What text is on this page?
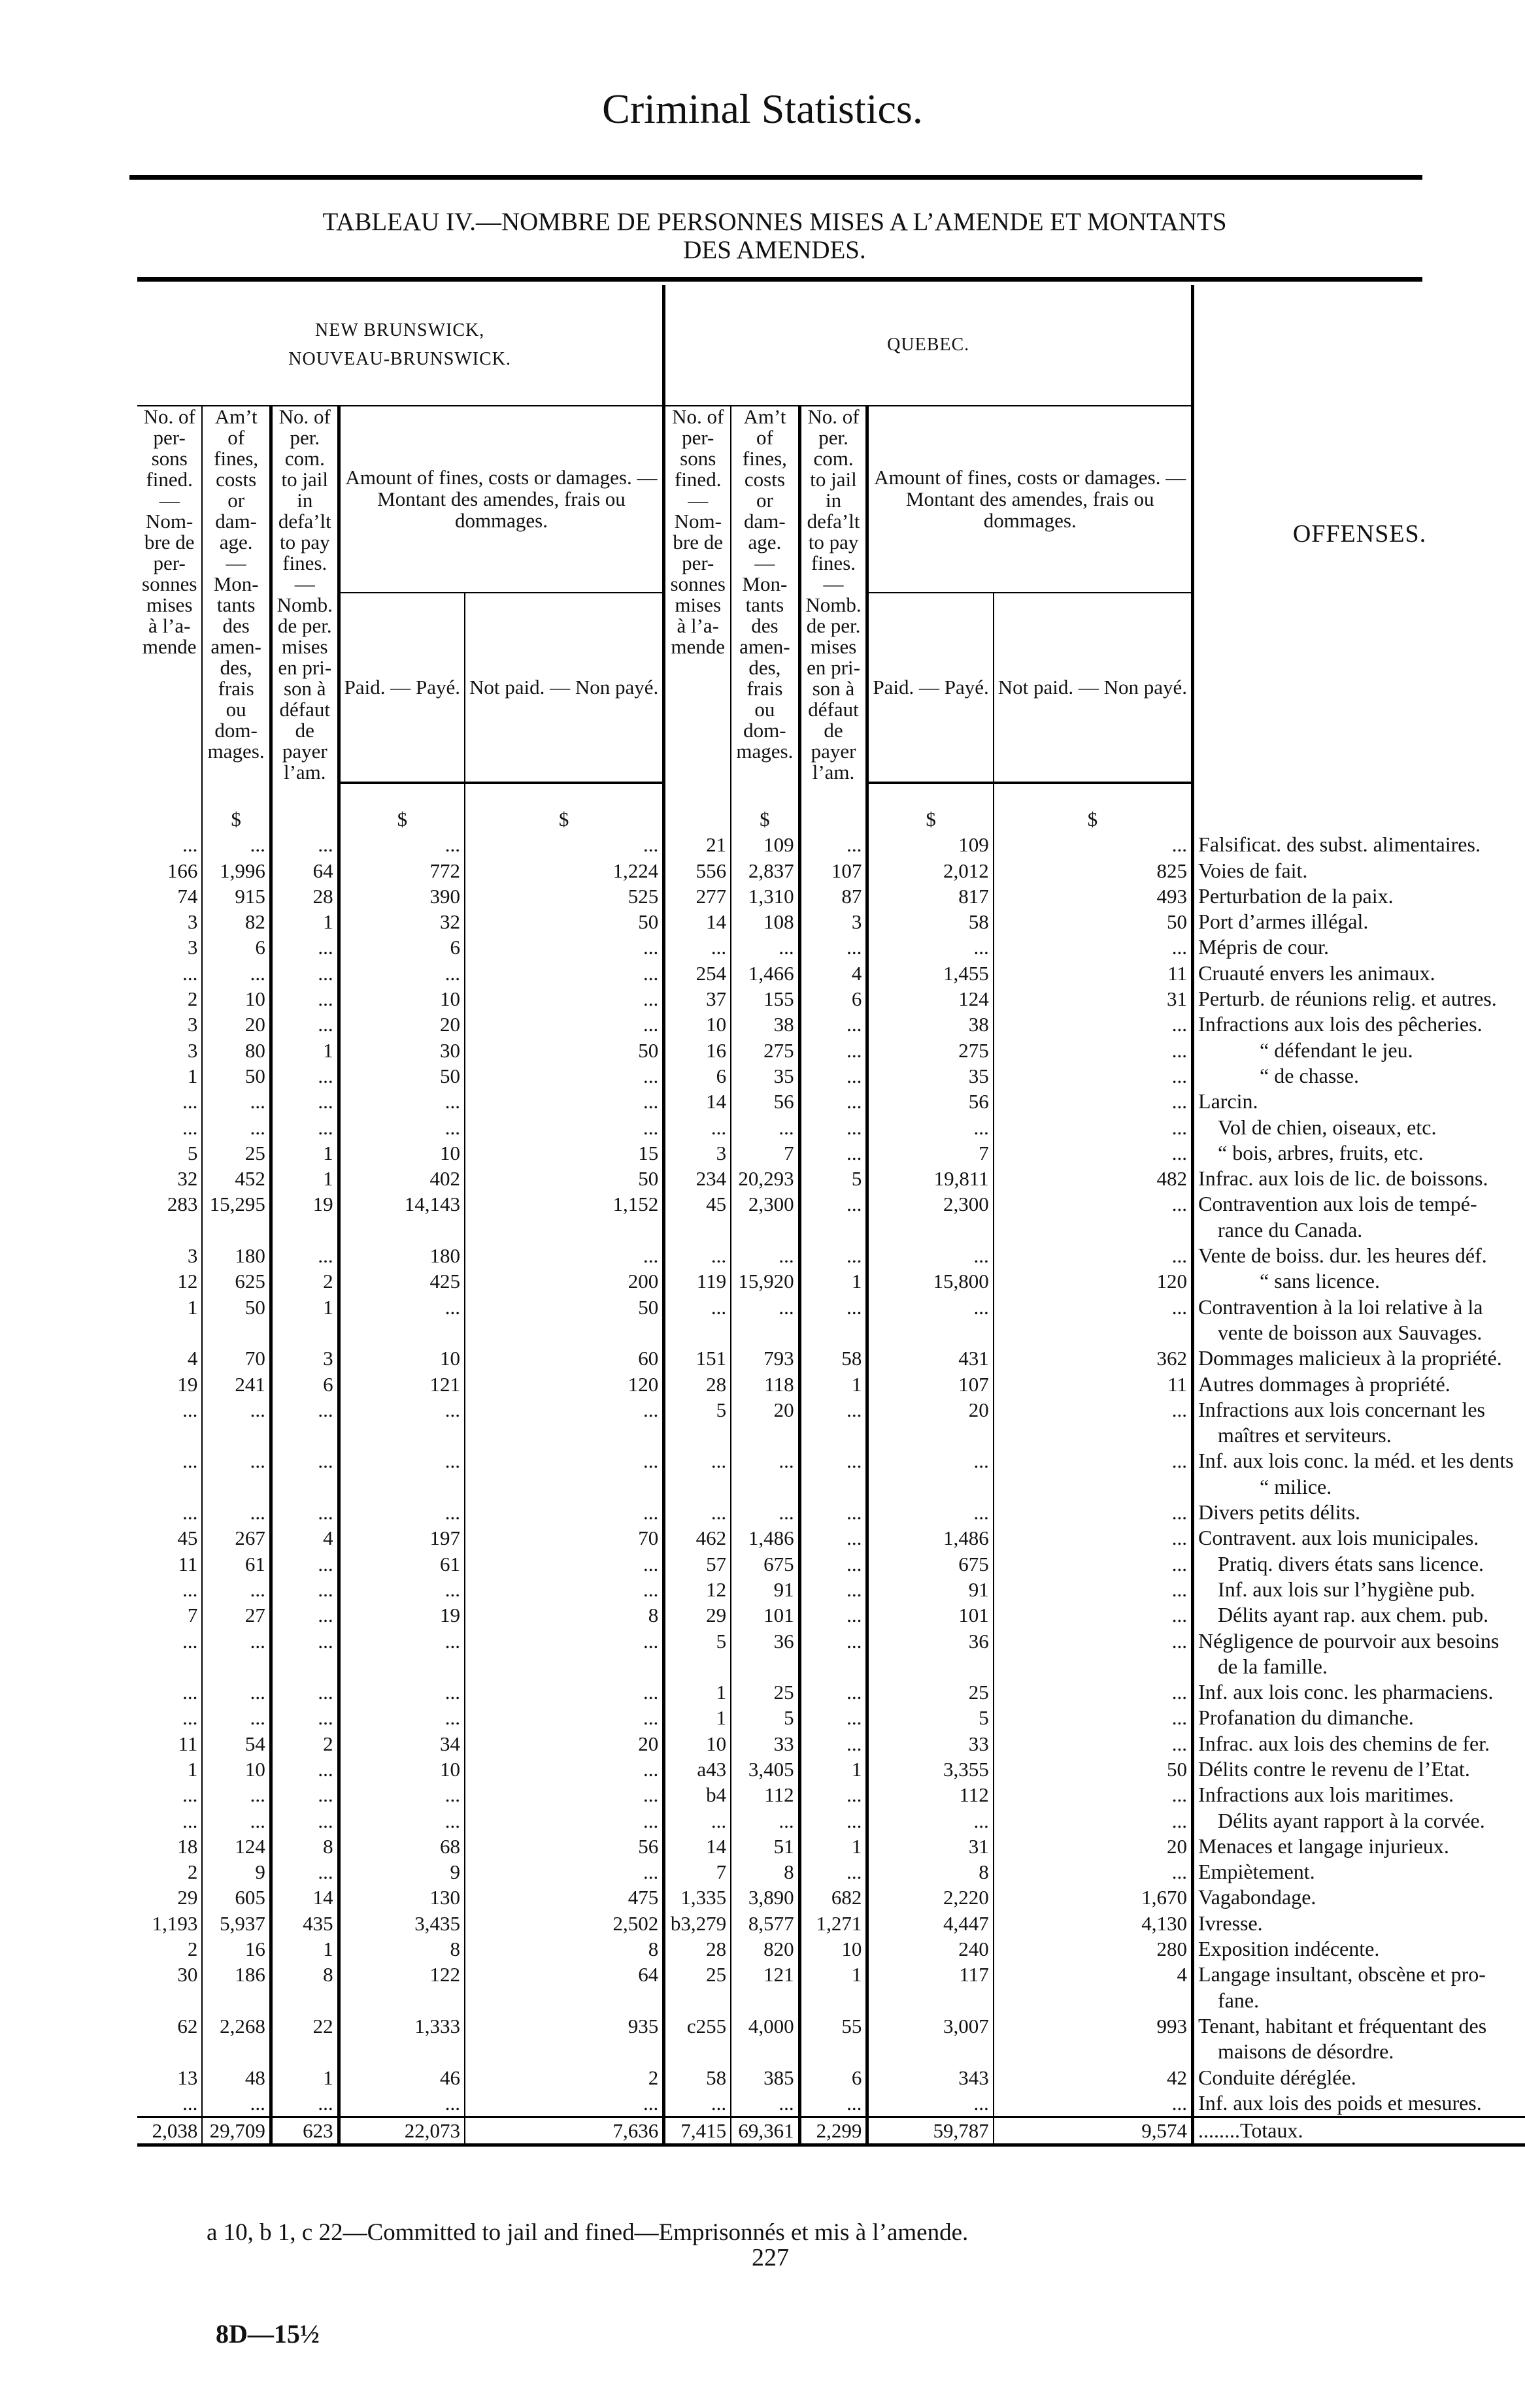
Criminal Statistics.
TABLEAU IV.—NOMBRE DE PERSONNES MISES A L’AMENDE ET MONTANTS
DES AMENDES.
NEW BRUNSWICK,
NOUVEAU-BRUNSWICK.					QUEBEC.					OFFENSES.
No. of per- sons fined. — Nom- bre de per- sonnes mises à l’a- mende	Am’t of fines, costs or dam- age. — Mon- tants des amen- des, frais ou dom- mages.	No. of per. com. to jail in defa’lt to pay fines. — Nomb. de per. mises en pri- son à défaut de payer l’am.	Amount of fines, costs or damages. — Montant des amendes, frais ou dommages.		No. of per- sons fined. — Nom- bre de per- sonnes mises à l’a- mende	Am’t of fines, costs or dam- age. — Mon- tants des amen- des, frais ou dom- mages.	No. of per. com. to jail in defa’lt to pay fines. — Nomb. de per. mises en pri- son à défaut de payer l’am.	Amount of fines, costs or damages. — Montant des amendes, frais ou dommages.		
			Paid. — Payé.	Not paid. — Non payé.				Paid. — Payé.	Not paid. — Non payé.	

	$		$	$		$		$	$	
...	...	...	...	...	21	109	...	109	...	Falsificat. des subst. alimentaires.
166	1,996	64	772	1,224	556	2,837	107	2,012	825	Voies de fait.
74	915	28	390	525	277	1,310	87	817	493	Perturbation de la paix.
3	82	1	32	50	14	108	3	58	50	Port d’armes illégal.
3	6	...	6	...	...	...	...	...	...	Mépris de cour.
...	...	...	...	...	254	1,466	4	1,455	11	Cruauté envers les animaux.
2	10	...	10	...	37	155	6	124	31	Perturb. de réunions relig. et autres.
3	20	...	20	...	10	38	...	38	...	Infractions aux lois des pêcheries.
3	80	1	30	50	16	275	...	275	...	“ défendant le jeu.
1	50	...	50	...	6	35	...	35	...	“ de chasse.
...	...	...	...	...	14	56	...	56	...	Larcin.
...	...	...	...	...	...	...	...	...	...	Vol de chien, oiseaux, etc.
5	25	1	10	15	3	7	...	7	...	“ bois, arbres, fruits, etc.
32	452	1	402	50	234	20,293	5	19,811	482	Infrac. aux lois de lic. de boissons.
283	15,295	19	14,143	1,152	45	2,300	...	2,300	...	Contravention aux lois de tempé-
										rance du Canada.
3	180	...	180	...	...	...	...	...	...	Vente de boiss. dur. les heures déf.
12	625	2	425	200	119	15,920	1	15,800	120	“ sans licence.
1	50	1	...	50	...	...	...	...	...	Contravention à la loi relative à la
										vente de boisson aux Sauvages.
4	70	3	10	60	151	793	58	431	362	Dommages malicieux à la propriété.
19	241	6	121	120	28	118	1	107	11	Autres dommages à propriété.
...	...	...	...	...	5	20	...	20	...	Infractions aux lois concernant les
										maîtres et serviteurs.
...	...	...	...	...	...	...	...	...	...	Inf. aux lois conc. la méd. et les dents
										“ milice.
...	...	...	...	...	...	...	...	...	...	Divers petits délits.
45	267	4	197	70	462	1,486	...	1,486	...	Contravent. aux lois municipales.
11	61	...	61	...	57	675	...	675	...	Pratiq. divers états sans licence.
...	...	...	...	...	12	91	...	91	...	Inf. aux lois sur l’hygiène pub.
7	27	...	19	8	29	101	...	101	...	Délits ayant rap. aux chem. pub.
...	...	...	...	...	5	36	...	36	...	Négligence de pourvoir aux besoins
										de la famille.
...	...	...	...	...	1	25	...	25	...	Inf. aux lois conc. les pharmaciens.
...	...	...	...	...	1	5	...	5	...	Profanation du dimanche.
11	54	2	34	20	10	33	...	33	...	Infrac. aux lois des chemins de fer.
1	10	...	10	...	a43	3,405	1	3,355	50	Délits contre le revenu de l’Etat.
...	...	...	...	...	b4	112	...	112	...	Infractions aux lois maritimes.
...	...	...	...	...	...	...	...	...	...	Délits ayant rapport à la corvée.
18	124	8	68	56	14	51	1	31	20	Menaces et langage injurieux.
2	9	...	9	...	7	8	...	8	...	Empiètement.
29	605	14	130	475	1,335	3,890	682	2,220	1,670	Vagabondage.
1,193	5,937	435	3,435	2,502	b3,279	8,577	1,271	4,447	4,130	Ivresse.
2	16	1	8	8	28	820	10	240	280	Exposition indécente.
30	186	8	122	64	25	121	1	117	4	Langage insultant, obscène et pro-
										fane.
62	2,268	22	1,333	935	c255	4,000	55	3,007	993	Tenant, habitant et fréquentant des
										maisons de désordre.
13	48	1	46	2	58	385	6	343	42	Conduite déréglée.
...	...	...	...	...	...	...	...	...	...	Inf. aux lois des poids et mesures.
2,038	29,709	623	22,073	7,636	7,415	69,361	2,299	59,787	9,574	........Totaux.
a 10, b 1, c 22—Committed to jail and fined—Emprisonnés et mis à l’amende.
227
8D—15½
